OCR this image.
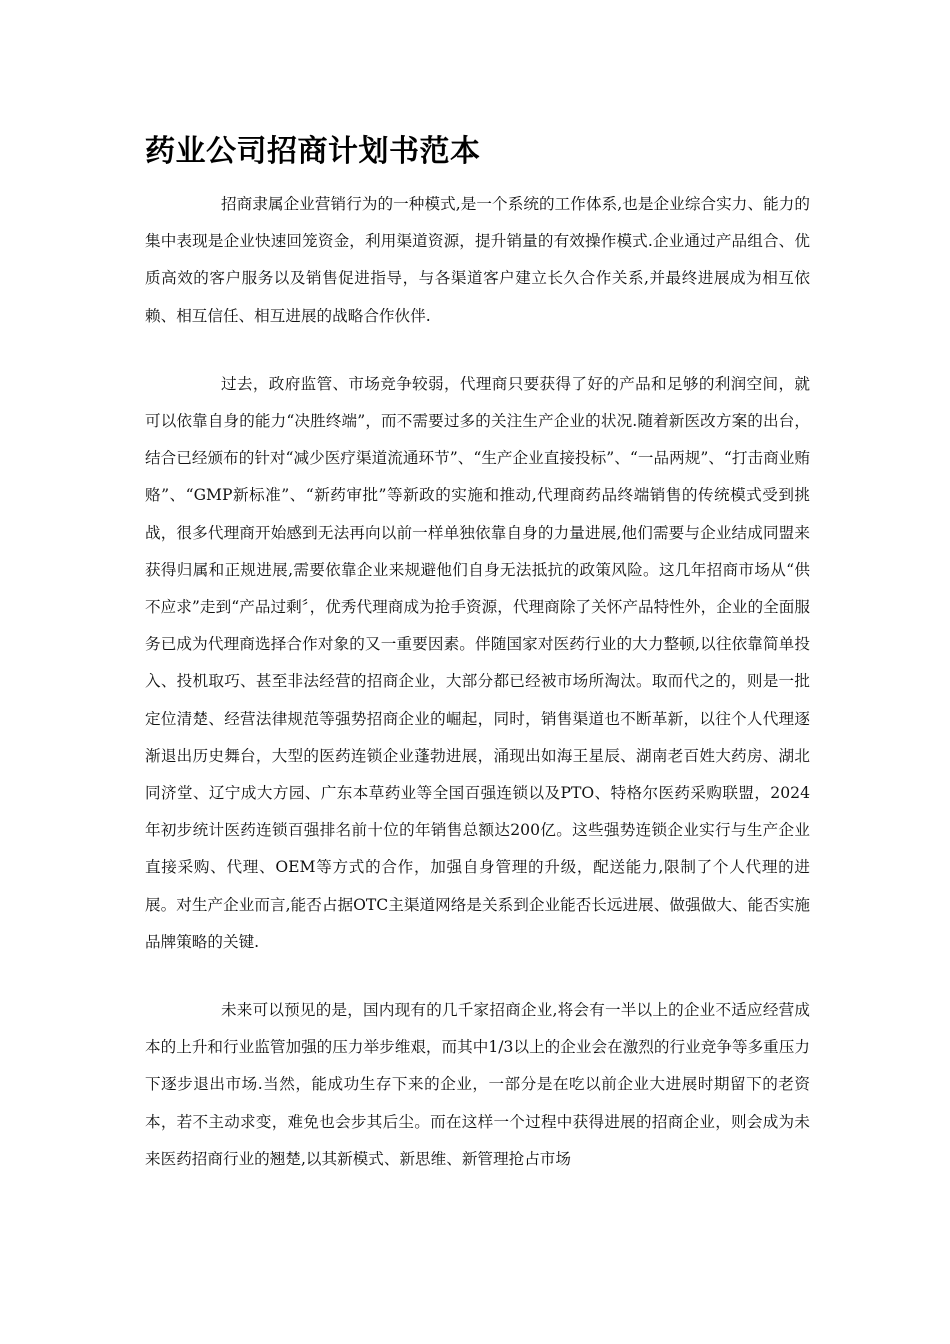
药业公司招商计划书范本

招商隶属企业营销行为的一种模式,是一个系统的工作体系,也是企业综合实力、能力的集中表现是企业快速回笼资金，利用渠道资源，提升销量的有效操作模式.企业通过产品组合、优质高效的客户服务以及销售促进指导，与各渠道客户建立长久合作关系,并最终进展成为相互依赖、相互信任、相互进展的战略合作伙伴.

过去，政府监管、市场竞争较弱，代理商只要获得了好的产品和足够的利润空间，就可以依靠自身的能力“决胜终端”，而不需要过多的关注生产企业的状况.随着新医改方案的出台，结合已经颁布的针对“减少医疗渠道流通环节”、“生产企业直接投标”、“一品两规”、“打击商业贿赂”、“GMP新标准”、“新药审批”等新政的实施和推动,代理商药品终端销售的传统模式受到挑战，很多代理商开始感到无法再向以前一样单独依靠自身的力量进展,他们需要与企业结成同盟来获得归属和正规进展,需要依靠企业来规避他们自身无法抵抗的政策风险。这几年招商市场从“供不应求”走到“产品过剩〞，优秀代理商成为抢手资源，代理商除了关怀产品特性外，企业的全面服务已成为代理商选择合作对象的又一重要因素。伴随国家对医药行业的大力整顿,以往依靠简单投入、投机取巧、甚至非法经营的招商企业，大部分都已经被市场所淘汰。取而代之的，则是一批定位清楚、经营法律规范等强势招商企业的崛起，同时，销售渠道也不断革新，以往个人代理逐渐退出历史舞台，大型的医药连锁企业蓬勃进展，涌现出如海王星辰、湖南老百姓大药房、湖北同济堂、辽宁成大方园、广东本草药业等全国百强连锁以及PTO、特格尔医药采购联盟，2024年初步统计医药连锁百强排名前十位的年销售总额达200亿。这些强势连锁企业实行与生产企业直接采购、代理、OEM等方式的合作，加强自身管理的升级，配送能力,限制了个人代理的进展。对生产企业而言,能否占据OTC主渠道网络是关系到企业能否长远进展、做强做大、能否实施品牌策略的关键.

未来可以预见的是，国内现有的几千家招商企业,将会有一半以上的企业不适应经营成本的上升和行业监管加强的压力举步维艰，而其中1/3以上的企业会在激烈的行业竞争等多重压力下逐步退出市场.当然，能成功生存下来的企业，一部分是在吃以前企业大进展时期留下的老资本，若不主动求变，难免也会步其后尘。而在这样一个过程中获得进展的招商企业，则会成为未来医药招商行业的翘楚,以其新模式、新思维、新管理抢占市场
